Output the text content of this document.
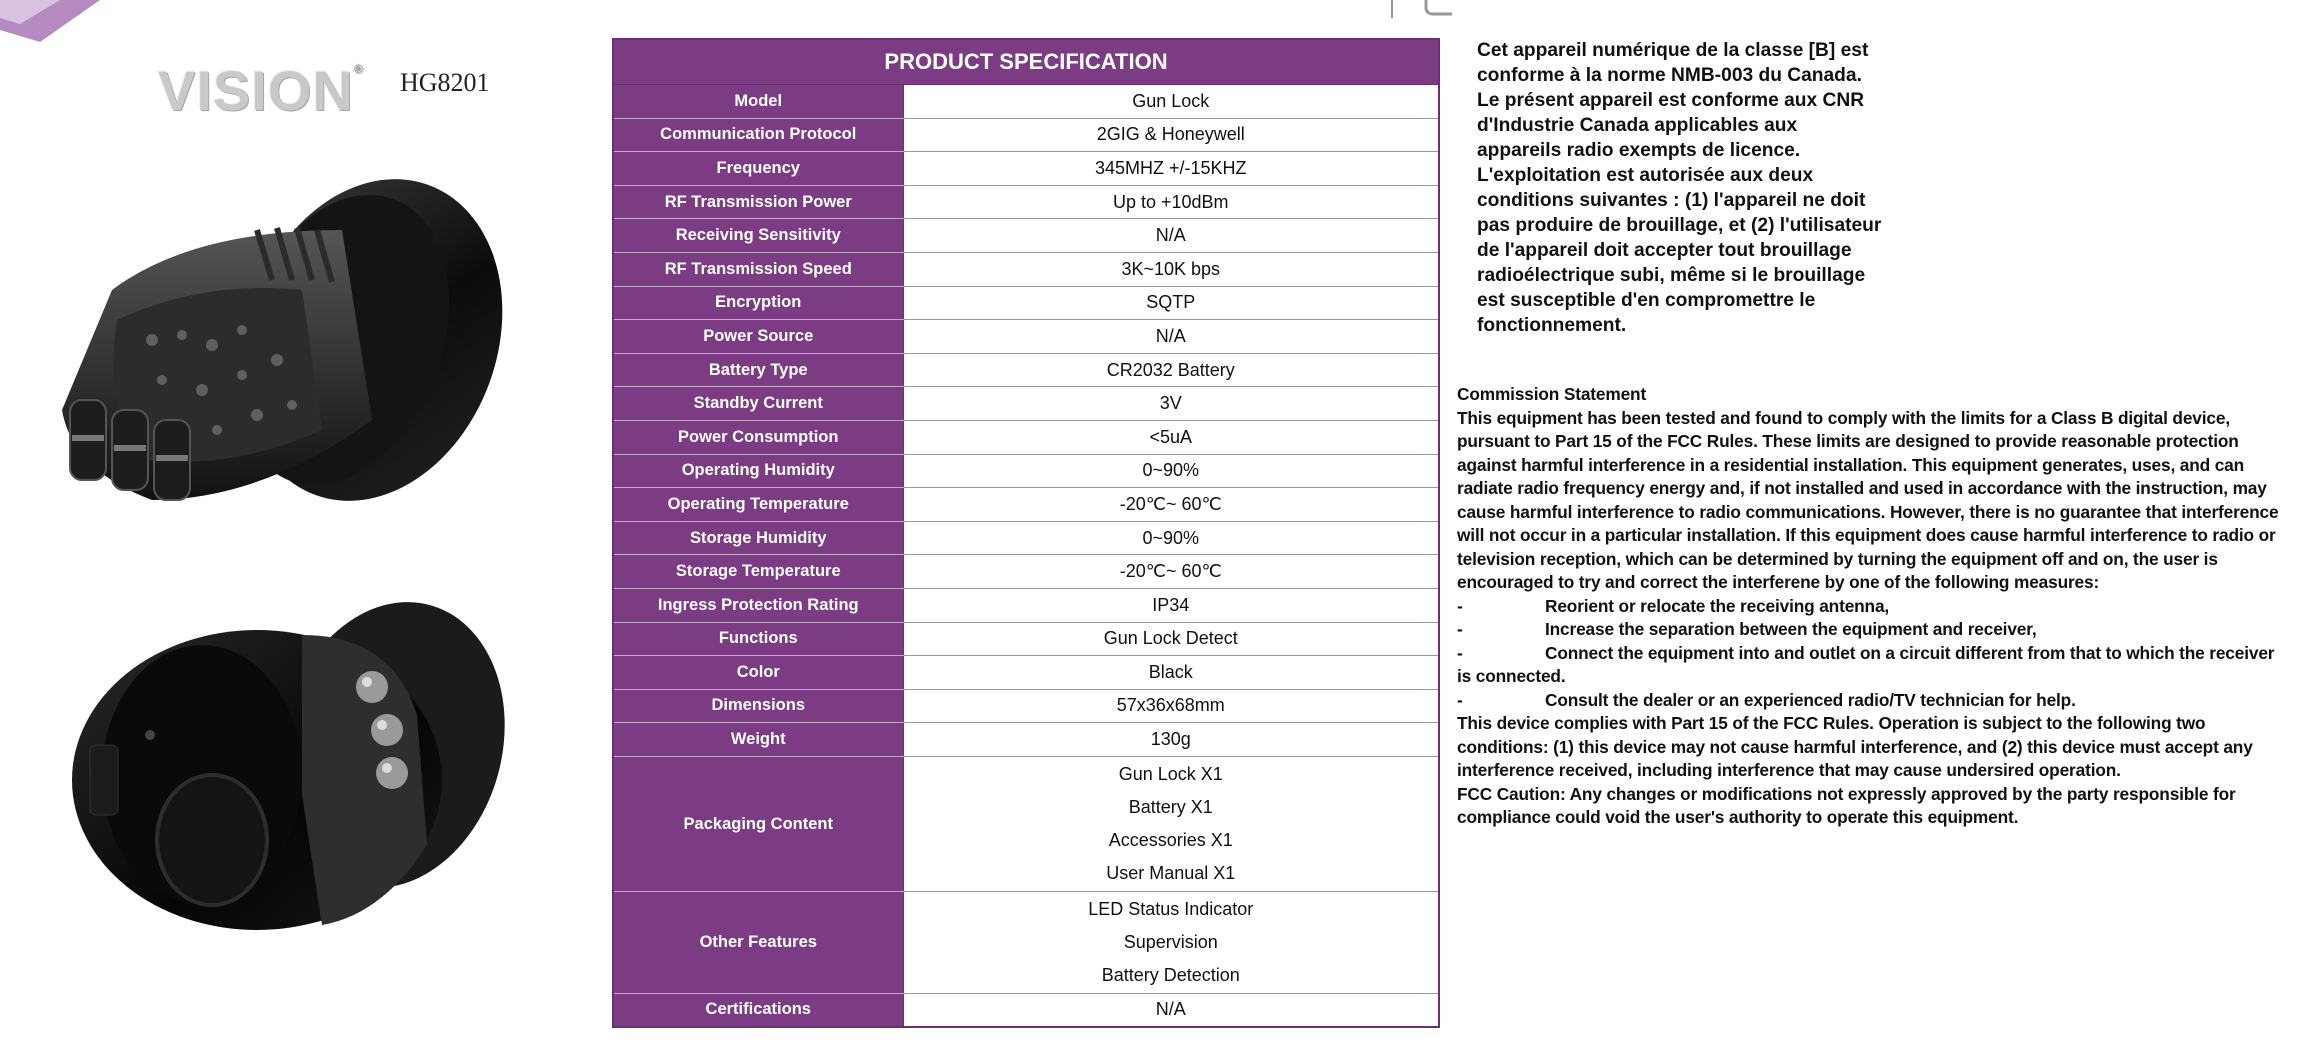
VISION® HG8201
PRODUCT SPECIFICATION	
Model	Gun Lock
Communication Protocol	2GIG & Honeywell
Frequency	345MHZ +/-15KHZ
RF Transmission Power	Up to +10dBm
Receiving Sensitivity	N/A
RF Transmission Speed	3K~10K bps
Encryption	SQTP
Power Source	N/A
Battery Type	CR2032 Battery
Standby Current	3V
Power Consumption	<5uA
Operating Humidity	0~90%
Operating Temperature	-20℃~ 60℃
Storage Humidity	0~90%
Storage Temperature	-20℃~ 60℃
Ingress Protection Rating	IP34
Functions	Gun Lock Detect
Color	Black
Dimensions	57x36x68mm
Weight	130g
Packaging Content	Gun Lock X1
Battery X1
Accessories X1
User Manual X1

Other Features	LED Status Indicator
Supervision
Battery Detection

Certifications	N/A
Cet appareil numérique de la classe [B] est
conforme à la norme NMB-003 du Canada.
Le présent appareil est conforme aux CNR
d'Industrie Canada applicables aux
appareils radio exempts de licence.
L'exploitation est autorisée aux deux
conditions suivantes : (1) l'appareil ne doit
pas produire de brouillage, et (2) l'utilisateur
de l'appareil doit accepter tout brouillage
radioélectrique subi, même si le brouillage
est susceptible d'en compromettre le
fonctionnement.

Commission Statement

This equipment has been tested and found to comply with the limits for a Class B digital device, pursuant to Part 15 of the FCC Rules. These limits are designed to provide reasonable protection against harmful interference in a residential installation. This equipment generates, uses, and can radiate radio frequency energy and, if not installed and used in accordance with the instruction, may cause harmful interference to radio communications. However, there is no guarantee that interference will not occur in a particular installation. If this equipment does cause harmful interference to radio or television reception, which can be determined by turning the equipment off and on, the user is encouraged to try and correct the interferene by one of the following measures:

-	Reorient or relocate the receiving antenna,
-	Increase the separation between the equipment and receiver,
-	Connect the equipment into and outlet on a circuit different from that to which the receiver is connected.
-	Consult the dealer or an experienced radio/TV technician for help.

This device complies with Part 15 of the FCC Rules. Operation is subject to the following two conditions: (1) this device may not cause harmful interference, and (2) this device must accept any interference received, including interference that may cause undersired operation.

FCC Caution: Any changes or modifications not expressly approved by the party responsible for compliance could void the user's authority to operate this equipment.
